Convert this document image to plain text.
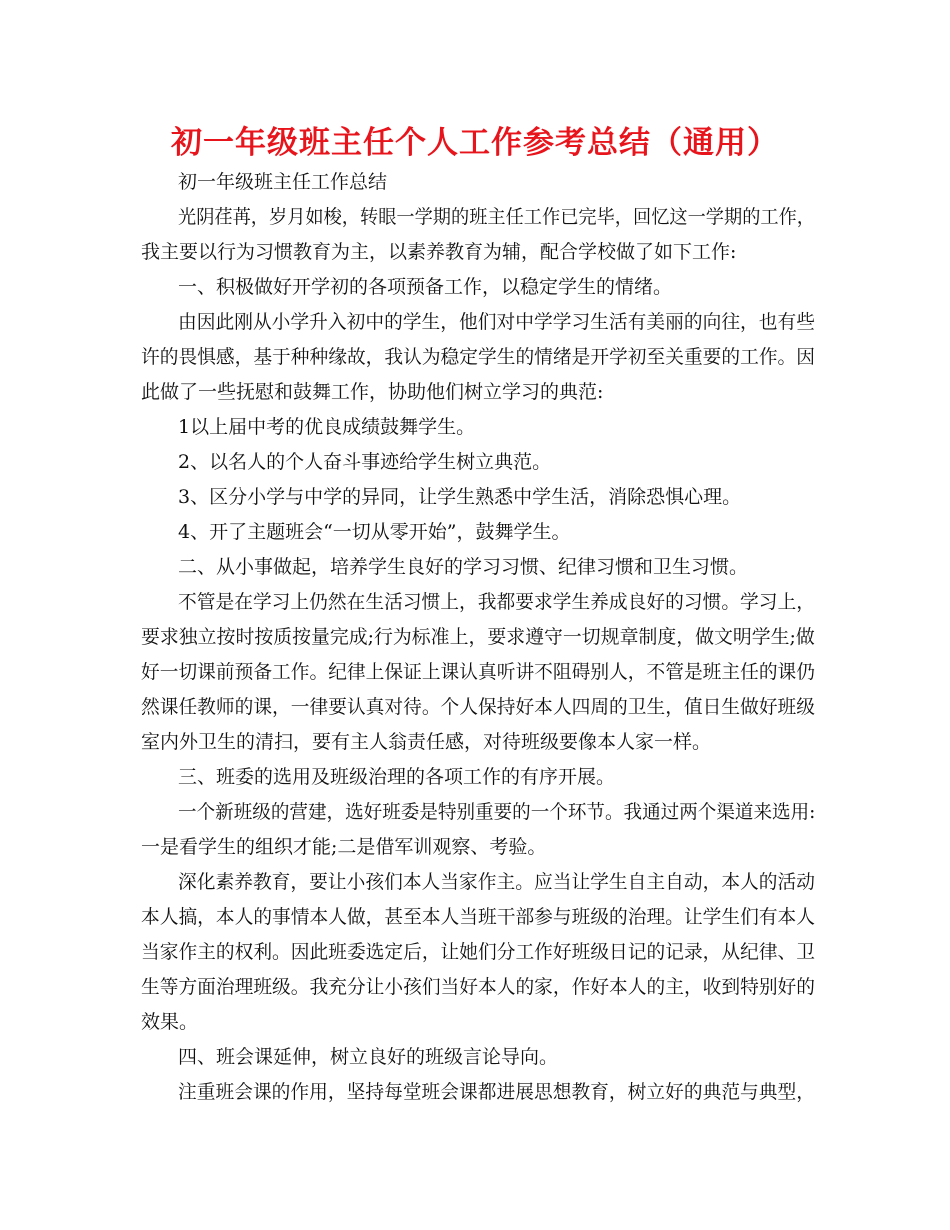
初一年级班主任个人工作参考总结（通用）
初一年级班主任工作总结
光阴荏苒，岁月如梭，转眼一学期的班主任工作已完毕，回忆这一学期的工作，
我主要以行为习惯教育为主，以素养教育为辅，配合学校做了如下工作:
一、积极做好开学初的各项预备工作，以稳定学生的情绪。
由因此刚从小学升入初中的学生，他们对中学学习生活有美丽的向往，也有些
许的畏惧感，基于种种缘故，我认为稳定学生的情绪是开学初至关重要的工作。因
此做了一些抚慰和鼓舞工作，协助他们树立学习的典范:
1以上届中考的优良成绩鼓舞学生。
2、以名人的个人奋斗事迹给学生树立典范。
3、区分小学与中学的异同，让学生熟悉中学生活，消除恐惧心理。
4、开了主题班会“一切从零开始”，鼓舞学生。
二、从小事做起，培养学生良好的学习习惯、纪律习惯和卫生习惯。
不管是在学习上仍然在生活习惯上，我都要求学生养成良好的习惯。学习上，
要求独立按时按质按量完成;行为标准上，要求遵守一切规章制度，做文明学生;做
好一切课前预备工作。纪律上保证上课认真听讲不阻碍别人，不管是班主任的课仍
然课任教师的课，一律要认真对待。个人保持好本人四周的卫生，值日生做好班级
室内外卫生的清扫，要有主人翁责任感，对待班级要像本人家一样。
三、班委的选用及班级治理的各项工作的有序开展。
一个新班级的营建，选好班委是特别重要的一个环节。我通过两个渠道来选用:
一是看学生的组织才能;二是借军训观察、考验。
深化素养教育，要让小孩们本人当家作主。应当让学生自主自动，本人的活动
本人搞，本人的事情本人做，甚至本人当班干部参与班级的治理。让学生们有本人
当家作主的权利。因此班委选定后，让她们分工作好班级日记的记录，从纪律、卫
生等方面治理班级。我充分让小孩们当好本人的家，作好本人的主，收到特别好的
效果。
四、班会课延伸，树立良好的班级言论导向。
注重班会课的作用，坚持每堂班会课都进展思想教育，树立好的典范与典型，
